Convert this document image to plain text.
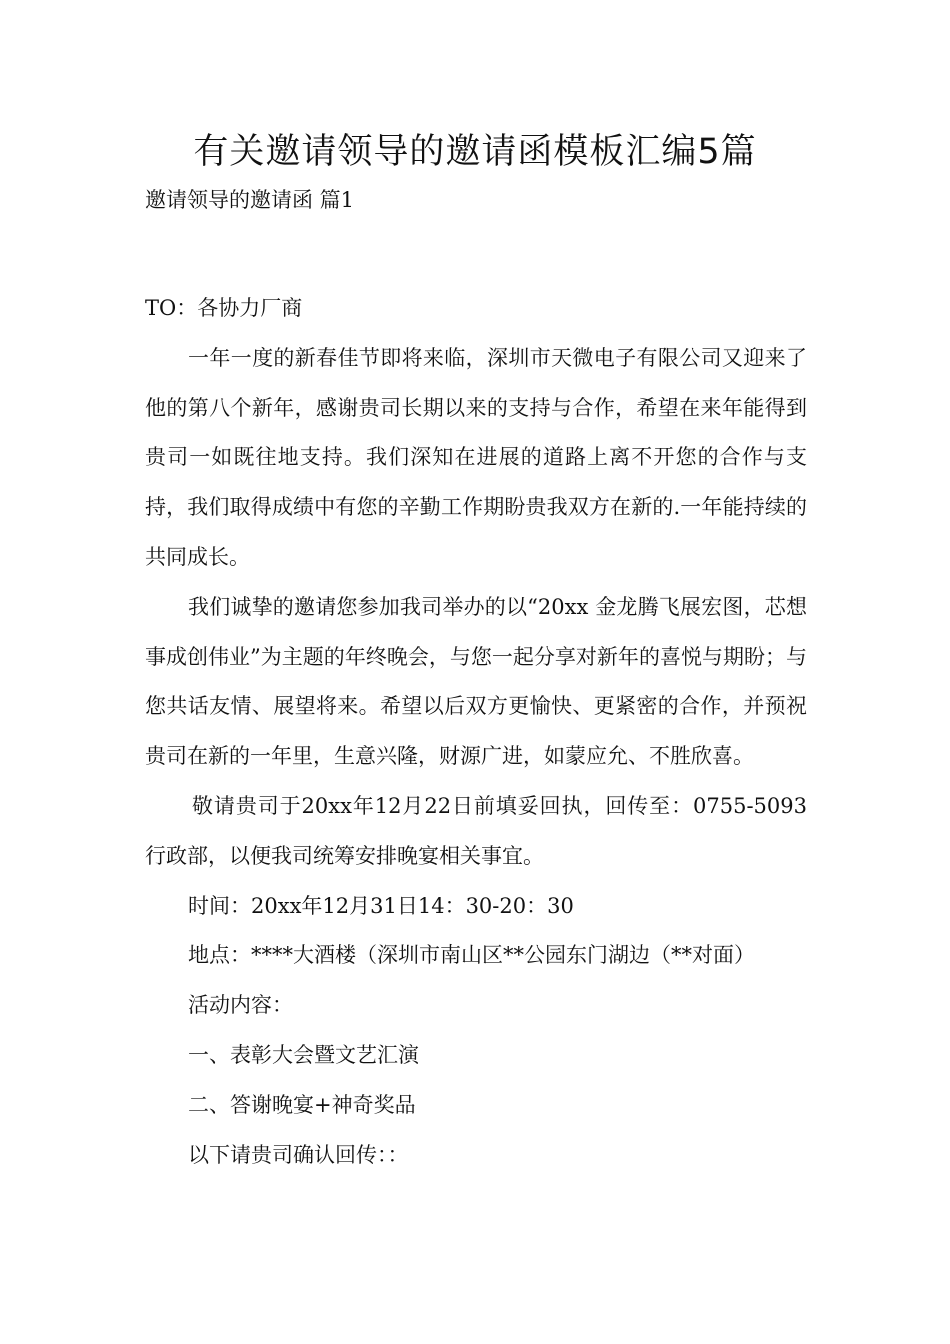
有关邀请领导的邀请函模板汇编5篇

邀请领导的邀请函 篇1

TO：各协力厂商

一年一度的新春佳节即将来临，深圳市天微电子有限公司又迎来了他的第八个新年，感谢贵司长期以来的支持与合作，希望在来年能得到贵司一如既往地支持。我们深知在进展的道路上离不开您的合作与支持，我们取得成绩中有您的辛勤工作期盼贵我双方在新的.一年能持续的共同成长。

我们诚挚的邀请您参加我司举办的以“20xx 金龙腾飞展宏图，芯想事成创伟业”为主题的年终晚会，与您一起分享对新年的喜悦与期盼；与您共话友情、展望将来。希望以后双方更愉快、更紧密的合作，并预祝贵司在新的一年里，生意兴隆，财源广进，如蒙应允、不胜欣喜。

敬请贵司于20xx年12月22日前填妥回执，回传至：0755-5093 行政部，以便我司统筹安排晚宴相关事宜。

时间：20xx年12月31日14：30-20：30

地点：****大酒楼（深圳市南山区**公园东门湖边（**对面）

活动内容：

一、表彰大会暨文艺汇演

二、答谢晚宴+神奇奖品

以下请贵司确认回传：：
